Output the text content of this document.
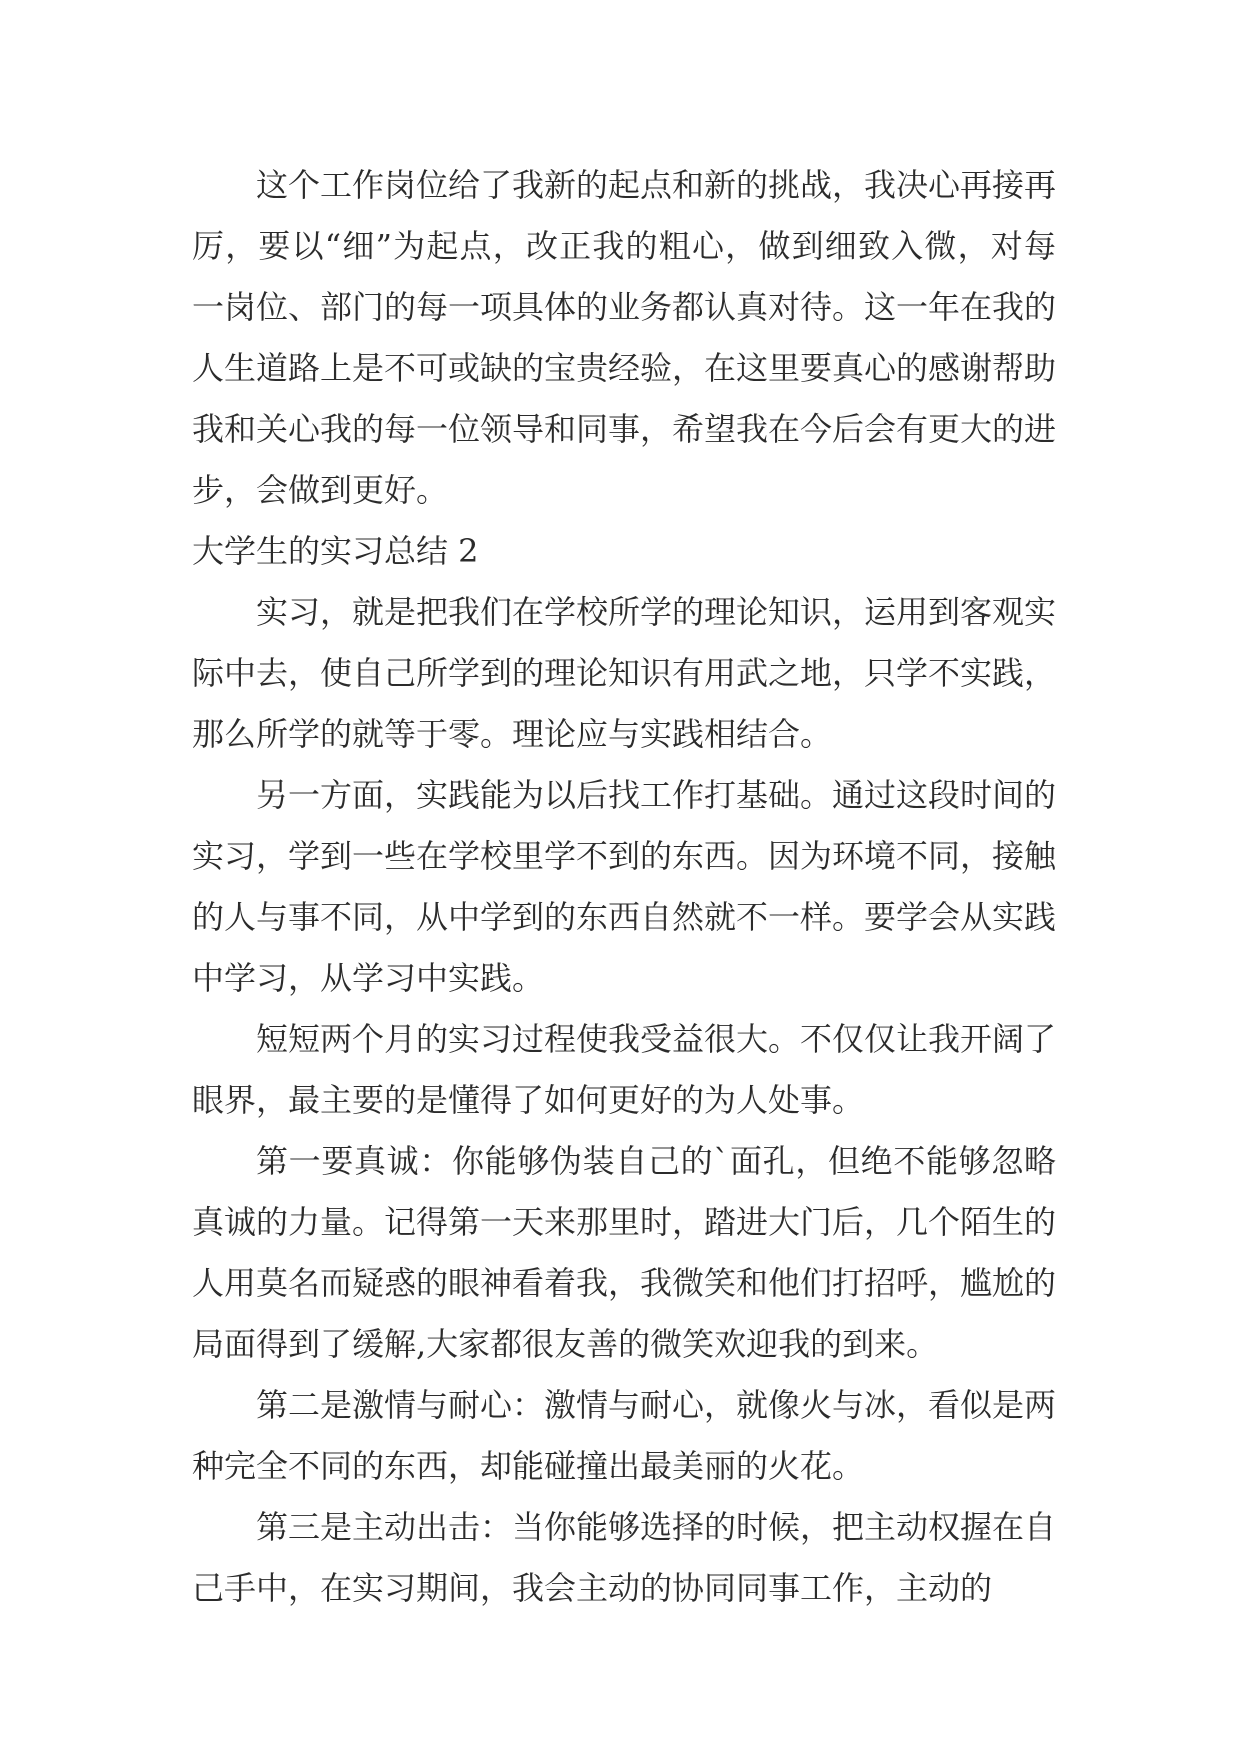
这个工作岗位给了我新的起点和新的挑战，我决心再接再厉，要以“细”为起点，改正我的粗心，做到细致入微，对每一岗位、部门的每一项具体的业务都认真对待。这一年在我的人生道路上是不可或缺的宝贵经验，在这里要真心的感谢帮助我和关心我的每一位领导和同事，希望我在今后会有更大的进步，会做到更好。

大学生的实习总结 2

实习，就是把我们在学校所学的理论知识，运用到客观实际中去，使自己所学到的理论知识有用武之地，只学不实践，那么所学的就等于零。理论应与实践相结合。

另一方面，实践能为以后找工作打基础。通过这段时间的实习，学到一些在学校里学不到的东西。因为环境不同，接触的人与事不同，从中学到的东西自然就不一样。要学会从实践中学习，从学习中实践。

短短两个月的实习过程使我受益很大。不仅仅让我开阔了眼界，最主要的是懂得了如何更好的为人处事。

第一要真诚：你能够伪装自己的`面孔，但绝不能够忽略真诚的力量。记得第一天来那里时，踏进大门后，几个陌生的人用莫名而疑惑的眼神看着我，我微笑和他们打招呼，尴尬的局面得到了缓解,大家都很友善的微笑欢迎我的到来。

第二是激情与耐心：激情与耐心，就像火与冰，看似是两种完全不同的东西，却能碰撞出最美丽的火花。

第三是主动出击：当你能够选择的时候，把主动权握在自己手中，在实习期间，我会主动的协同同事工作，主动的
